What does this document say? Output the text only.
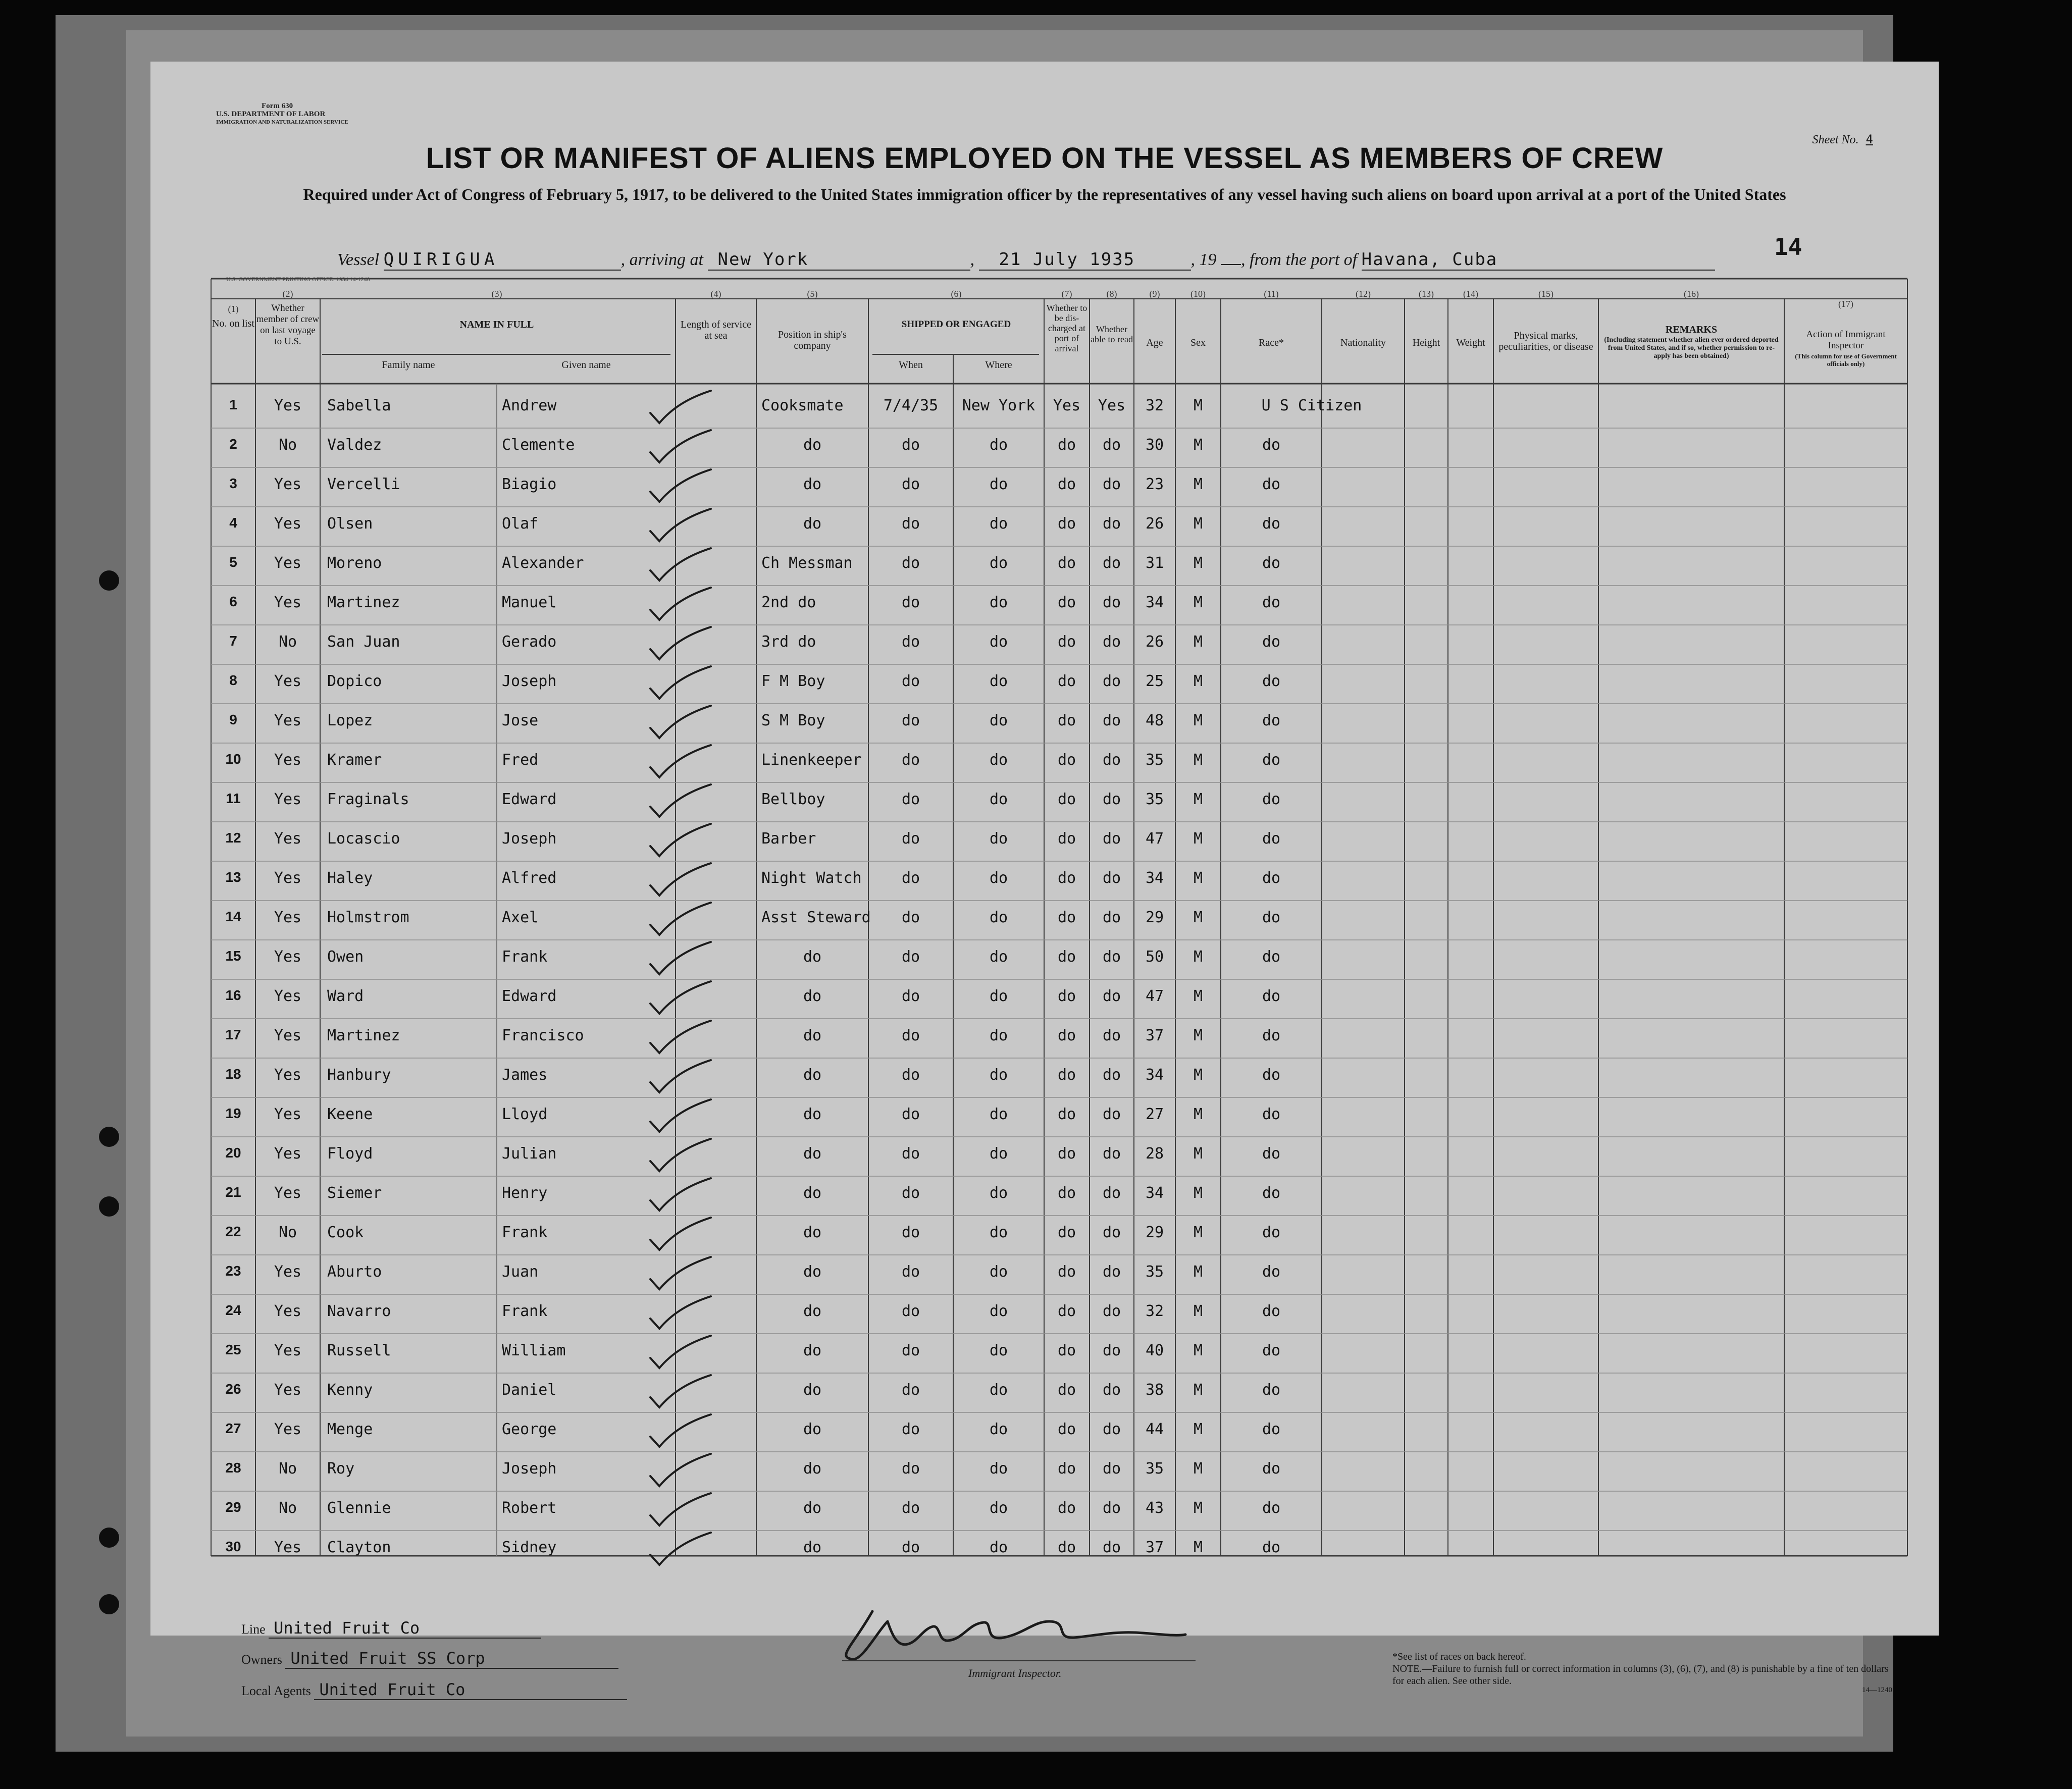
Form 630
U.S. DEPARTMENT OF LABOR
IMMIGRATION AND NATURALIZATION SERVICE
Sheet No. 4
LIST OR MANIFEST OF ALIENS EMPLOYED ON THE VESSEL AS MEMBERS OF CREW
Required under Act of Congress of February 5, 1917, to be delivered to the United States immigration officer by the representatives of any vessel having such aliens on board upon arrival at a port of the United States
Vessel QUIRIGUA	, arriving at New York	, 21 July 1935	, 19 , from the port of Havana, Cuba	14
U.S. GOVERNMENT PRINTING OFFICE: 1934 14-1240
(1)
No. on list
(2)
Whether member of crew on last voyage to U.S.
(3)
NAME IN FULL
Family name	Given name
(4)
Length of service at sea
(5)
Position in ship's company
(6)
SHIPPED OR ENGAGED
When	Where
(7)
Whether to be dis-charged at port of arrival
(8)
Whether able to read
(9)
Age
(10)
Sex
(11)
Race*
(12)
Nationality
(13)
Height
(14)
Weight
(15)
Physical marks, peculiarities, or disease
(16)
REMARKS
(Including statement whether alien ever ordered deported from United States, and if so, whether permission to re-apply has been obtained)
(17)
Action of Immigrant Inspector
(This column for use of Government officials only)
1	Yes	Sabella	Andrew	Cooksmate	7/4/35	New York	Yes	Yes	32	M	U S Citizen
2	No	Valdez	Clemente	do	do	do	do	do	30	M	do
3	Yes	Vercelli	Biagio	do	do	do	do	do	23	M	do
4	Yes	Olsen	Olaf	do	do	do	do	do	26	M	do
5	Yes	Moreno	Alexander	Ch Messman	do	do	do	do	31	M	do
6	Yes	Martinez	Manuel	2nd do	do	do	do	do	34	M	do
7	No	San Juan	Gerado	3rd do	do	do	do	do	26	M	do
8	Yes	Dopico	Joseph	F M Boy	do	do	do	do	25	M	do
9	Yes	Lopez	Jose	S M Boy	do	do	do	do	48	M	do
10	Yes	Kramer	Fred	Linenkeeper	do	do	do	do	35	M	do
11	Yes	Fraginals	Edward	Bellboy	do	do	do	do	35	M	do
12	Yes	Locascio	Joseph	Barber	do	do	do	do	47	M	do
13	Yes	Haley	Alfred	Night Watch	do	do	do	do	34	M	do
14	Yes	Holmstrom	Axel	Asst Steward	do	do	do	do	29	M	do
15	Yes	Owen	Frank	do	do	do	do	do	50	M	do
16	Yes	Ward	Edward	do	do	do	do	do	47	M	do
17	Yes	Martinez	Francisco	do	do	do	do	do	37	M	do
18	Yes	Hanbury	James	do	do	do	do	do	34	M	do
19	Yes	Keene	Lloyd	do	do	do	do	do	27	M	do
20	Yes	Floyd	Julian	do	do	do	do	do	28	M	do
21	Yes	Siemer	Henry	do	do	do	do	do	34	M	do
22	No	Cook	Frank	do	do	do	do	do	29	M	do
23	Yes	Aburto	Juan	do	do	do	do	do	35	M	do
24	Yes	Navarro	Frank	do	do	do	do	do	32	M	do
25	Yes	Russell	William	do	do	do	do	do	40	M	do
26	Yes	Kenny	Daniel	do	do	do	do	do	38	M	do
27	Yes	Menge	George	do	do	do	do	do	44	M	do
28	No	Roy	Joseph	do	do	do	do	do	35	M	do
29	No	Glennie	Robert	do	do	do	do	do	43	M	do
30	Yes	Clayton	Sidney	do	do	do	do	do	37	M	do
Line United Fruit Co
Owners United Fruit SS Corp
Local Agents United Fruit Co
Immigrant Inspector.
*See list of races on back hereof.
NOTE.—Failure to furnish full or correct information in columns (3), (6), (7), and (8) is punishable by a fine of ten dollars for each alien. See other side.
14—1240
